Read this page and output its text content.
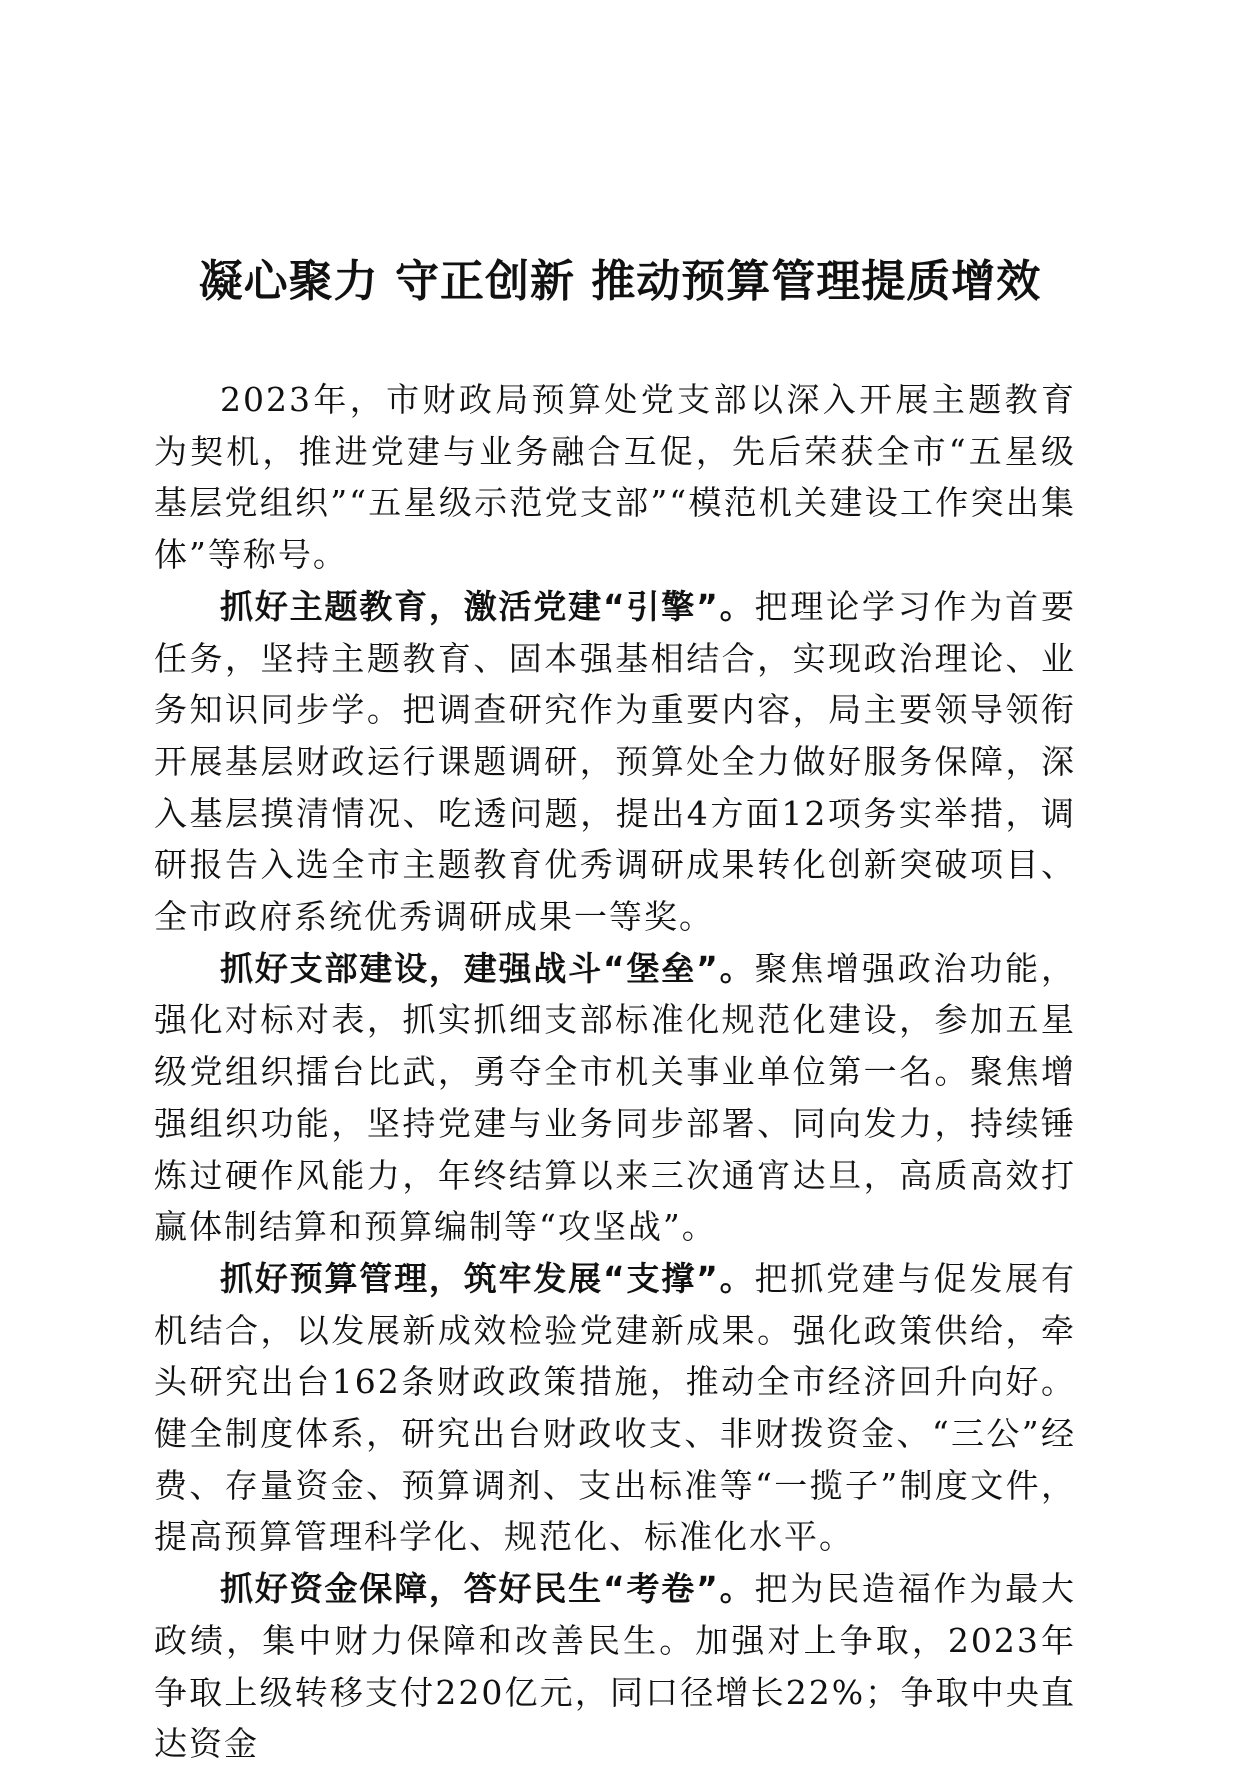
凝心聚力 守正创新 推动预算管理提质增效

2023年，市财政局预算处党支部以深入开展主题教育为契机，推进党建与业务融合互促，先后荣获全市“五星级基层党组织”“五星级示范党支部”“模范机关建设工作突出集体”等称号。

抓好主题教育，激活党建“引擎”。把理论学习作为首要任务，坚持主题教育、固本强基相结合，实现政治理论、业务知识同步学。把调查研究作为重要内容，局主要领导领衔开展基层财政运行课题调研，预算处全力做好服务保障，深入基层摸清情况、吃透问题，提出4方面12项务实举措，调研报告入选全市主题教育优秀调研成果转化创新突破项目、全市政府系统优秀调研成果一等奖。

抓好支部建设，建强战斗“堡垒”。聚焦增强政治功能，强化对标对表，抓实抓细支部标准化规范化建设，参加五星级党组织擂台比武，勇夺全市机关事业单位第一名。聚焦增强组织功能，坚持党建与业务同步部署、同向发力，持续锤炼过硬作风能力，年终结算以来三次通宵达旦，高质高效打赢体制结算和预算编制等“攻坚战”。

抓好预算管理，筑牢发展“支撑”。把抓党建与促发展有机结合，以发展新成效检验党建新成果。强化政策供给，牵头研究出台162条财政政策措施，推动全市经济回升向好。健全制度体系，研究出台财政收支、非财拨资金、“三公”经费、存量资金、预算调剂、支出标准等“一揽子”制度文件，提高预算管理科学化、规范化、标准化水平。

抓好资金保障，答好民生“考卷”。把为民造福作为最大政绩，集中财力保障和改善民生。加强对上争取，2023年争取上级转移支付220亿元，同口径增长22%；争取中央直达资金
